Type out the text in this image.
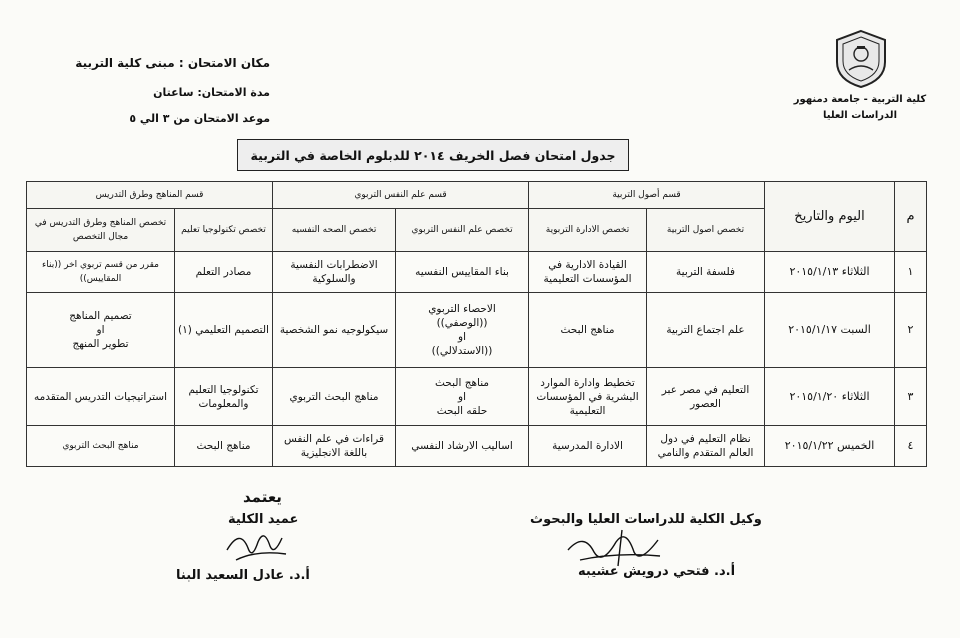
مكان الامتحان : مبنى كلية التربية
مدة الامتحان: ساعتان
موعد الامتحان من ٣ الي ٥
كلية التربية - جامعة دمنهور
الدراسات العليا
جدول امتحان فصل الخريف ٢٠١٤ للدبلوم الخاصة في التربية
م	اليوم والتاريخ	قسم أصول التربية		قسم علم النفس التربوي		قسم المناهج وطرق التدريس	
		تخصص اصول التربية	تخصص الادارة التربوية	تخصص علم النفس التربوي	تخصص الصحه النفسيه	تخصص تكنولوجيا تعليم	تخصص المناهج وطرق التدريس في مجال التخصص
١	الثلاثاء ٢٠١٥/١/١٣	فلسفة التربية	القيادة الادارية في المؤسسات التعليمية	بناء المقاييس النفسيه	الاضطرابات النفسية والسلوكية	مصادر التعلم	مقرر من قسم تربوي اخر ((بناء المقاييس))
٢	السبت ٢٠١٥/١/١٧	علم اجتماع التربية	مناهج البحث	الاحصاء التربوي
((الوصفي))
او
((الاستدلالي))	سيكولوجيه نمو الشخصية	التصميم التعليمي (١)	تصميم المناهج
او
تطوير المنهج

٣	الثلاثاء ٢٠١٥/١/٢٠	التعليم في مصر عبر العصور	تخطيط وادارة الموارد البشرية في المؤسسات التعليمية	مناهج البحث
او
حلقه البحث	مناهج البحث التربوي	تكنولوجيا التعليم والمعلومات	استراتيجيات التدريس المتقدمه
٤	الخميس ٢٠١٥/١/٢٢	نظام التعليم في دول العالم المتقدم والنامي	الادارة المدرسية	اساليب الارشاد النفسي	قراءات في علم النفس باللغة الانجليزية	مناهج البحث	مناهج البحث التربوي
يعتمد
عميد الكلية
أ.د. عادل السعيد البنا
وكيل الكلية للدراسات العليا والبحوث
أ.د. فتحي درويش عشيبه
